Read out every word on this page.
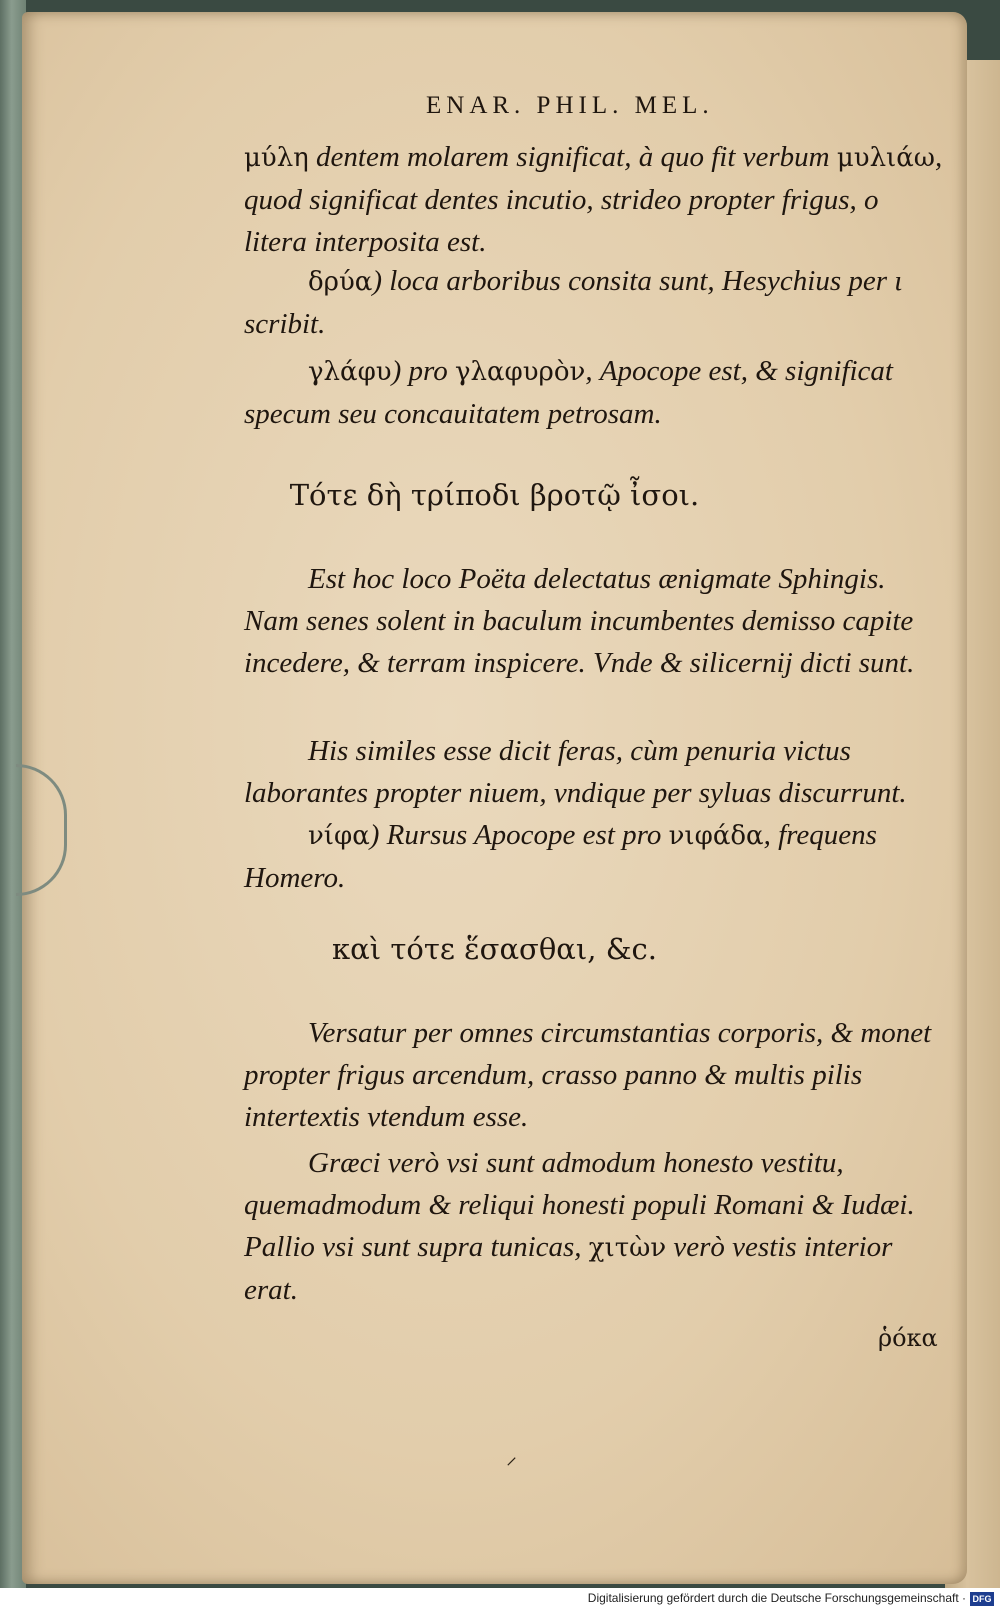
ENAR. PHIL. MEL.
μύλη dentem molarem significat, à quo fit verbum μυλιάω, quod significat dentes incutio, strideo propter frigus, o litera interposita est.
δρύα) loca arboribus consita sunt, Hesychius per ι scribit.
γλάφυ) pro γλαφυρὸν, Apocope est, & significat specum seu concauitatem petrosam.
Τότε δὴ τρίποδι βροτῷ ἶσοι.
Est hoc loco Poëta delectatus ænigmate Sphingis. Nam senes solent in baculum incumbentes demisso capite incedere, & terram inspicere. Vnde & silicernij dicti sunt.
His similes esse dicit feras, cùm penuria victus laborantes propter niuem, vndique per syluas discurrunt.
νίφα) Rursus Apocope est pro νιφάδα, frequens Homero.
καὶ τότε ἕσασθαι, &c.
Versatur per omnes circumstantias corporis, & monet propter frigus arcendum, crasso panno & multis pilis intertextis vtendum esse.
Græci verò vsi sunt admodum honesto vestitu, quemadmodum & reliqui honesti populi Romani & Iudæi. Pallio vsi sunt supra tunicas, χιτὼν verò vestis interior erat.
ῥόκα
⸍
Digitalisierung gefördert durch die Deutsche Forschungsgemeinschaft · DFG
